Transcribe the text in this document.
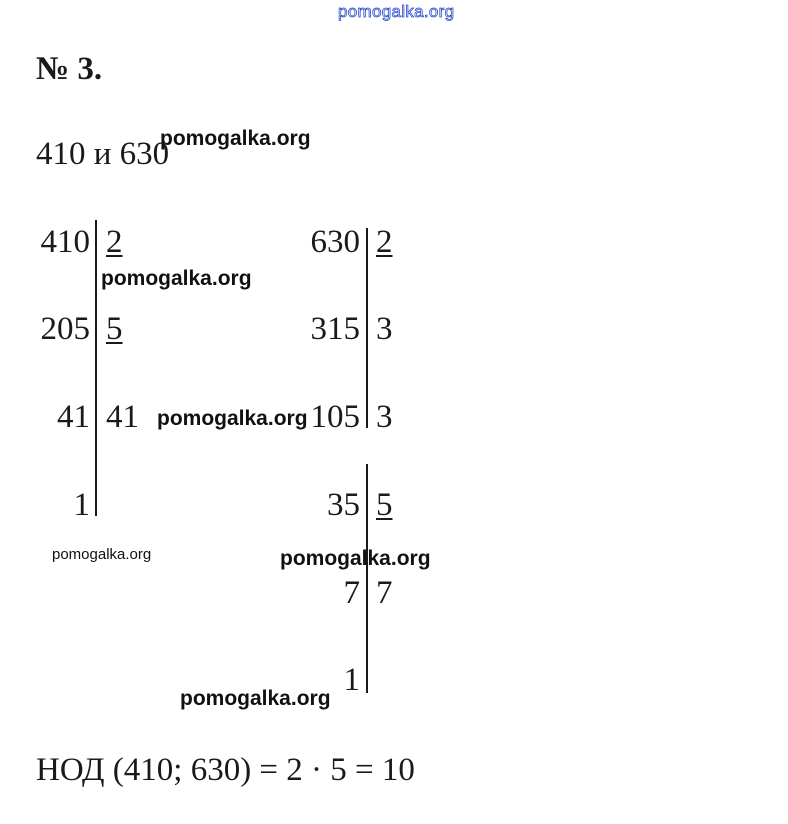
pomogalka.org
№ 3.
410 и 630
410
205
41
1
2
5
41
630
315
105
35
7
1
2
3
3
5
7
НОД (410; 630) = 2 · 5 = 10
pomogalka.org
pomogalka.org
pomogalka.org
pomogalka.org	pomogalka.org
pomogalka.org
